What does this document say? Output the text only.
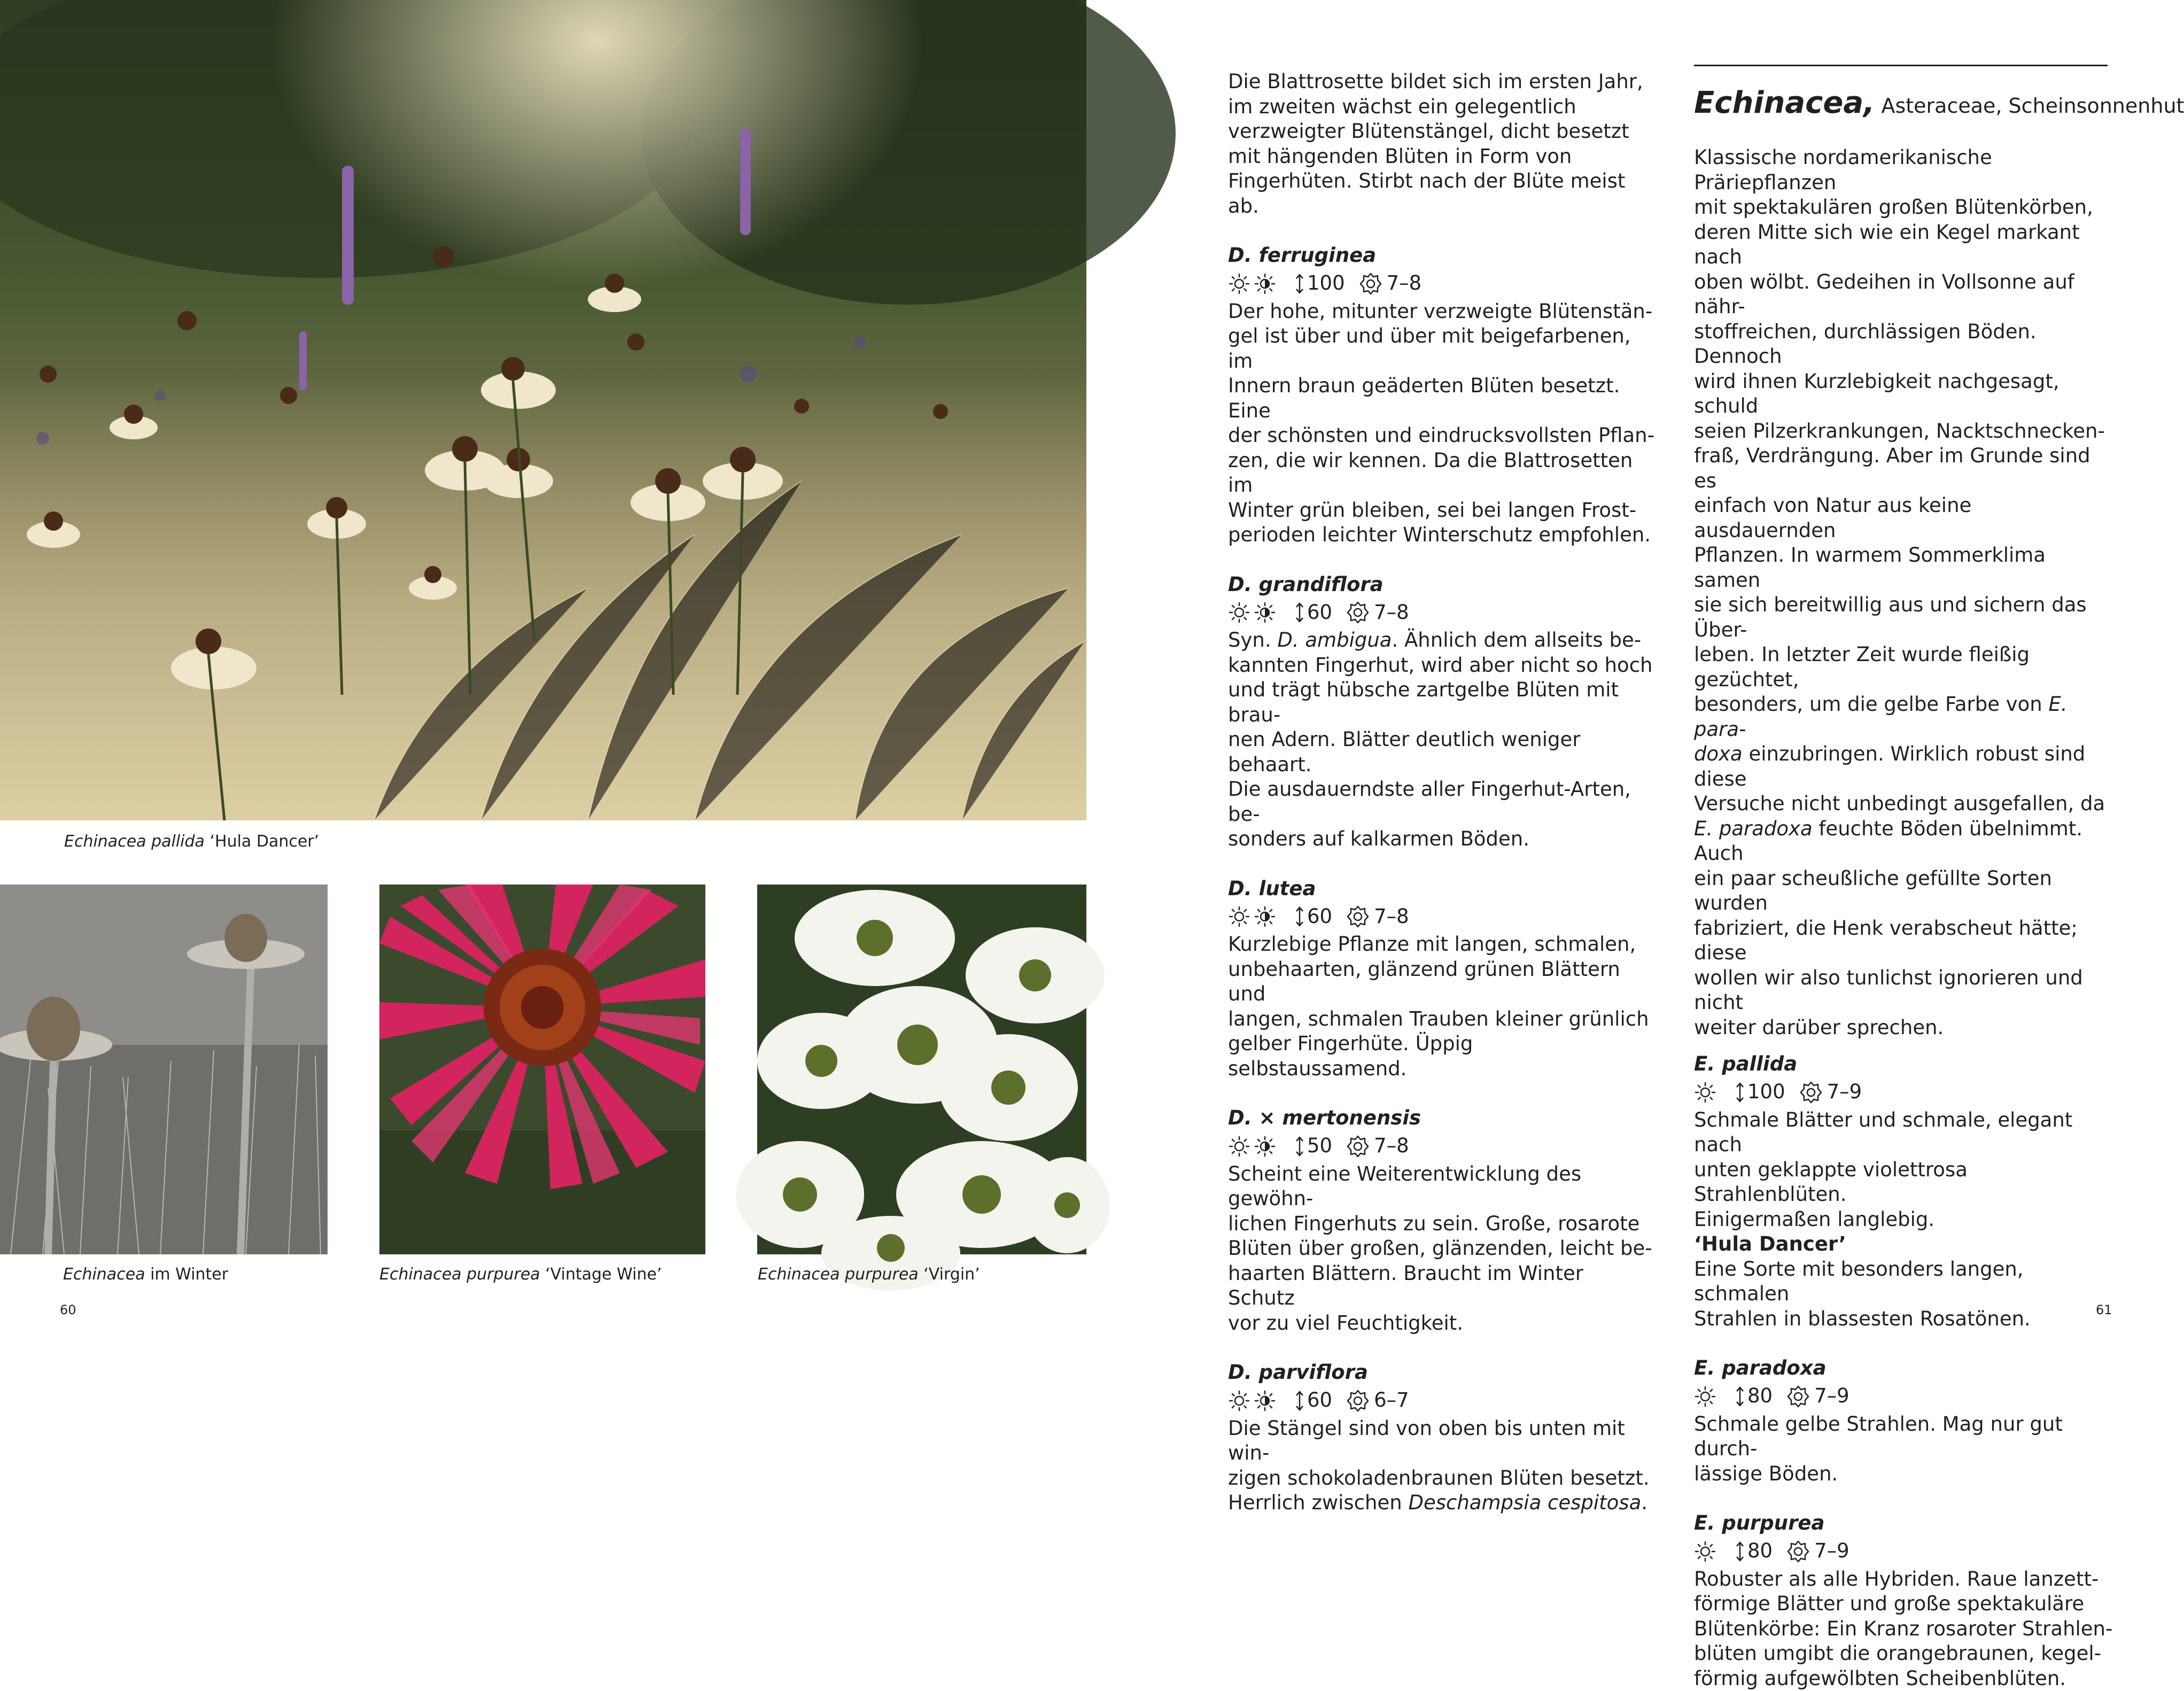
Echinacea pallida ‘Hula Dancer’
Echinacea im Winter	Echinacea purpurea ‘Vintage Wine’	Echinacea purpurea ‘Virgin’
60	61

Die Blattrosette bildet sich im ersten Jahr, im zweiten wächst ein gelegentlich verzweigter Blütenstängel, dicht besetzt mit hängenden Blüten in Form von Fingerhüten. Stirbt nach der Blüte meist ab.

D. ferruginea

100 7–8

Der hohe, mitunter verzweigte Blütenstän-

gel ist über und über mit beigefarbenen, im

Innern braun geäderten Blüten besetzt. Eine

der schönsten und eindrucksvollsten Pflan-

zen, die wir kennen. Da die Blattrosetten im

Winter grün bleiben, sei bei langen Frost-

perioden leichter Winterschutz empfohlen.

D. grandiflora

60 7–8

Syn. D. ambigua. Ähnlich dem allseits be-

kannten Fingerhut, wird aber nicht so hoch

und trägt hübsche zartgelbe Blüten mit brau-

nen Adern. Blätter deutlich weniger behaart.

Die ausdauerndste aller Fingerhut-Arten, be-

sonders auf kalkarmen Böden.

D. lutea

60 7–8

Kurzlebige Pflanze mit langen, schmalen,

unbehaarten, glänzend grünen Blättern und

langen, schmalen Trauben kleiner grünlich

gelber Fingerhüte. Üppig selbstaussamend.

D. × mertonensis

50 7–8

Scheint eine Weiterentwicklung des gewöhn-

lichen Fingerhuts zu sein. Große, rosarote

Blüten über großen, glänzenden, leicht be-

haarten Blättern. Braucht im Winter Schutz

vor zu viel Feuchtigkeit.

D. parviflora

60 6–7

Die Stängel sind von oben bis unten mit win-

zigen schokoladenbraunen Blüten besetzt.

Herrlich zwischen Deschampsia cespitosa.

Echinacea, Asteraceae, Scheinsonnenhut

Klassische nordamerikanische Präriepflanzen

mit spektakulären großen Blütenkörben,

deren Mitte sich wie ein Kegel markant nach

oben wölbt. Gedeihen in Vollsonne auf nähr-

stoffreichen, durchlässigen Böden. Dennoch

wird ihnen Kurzlebigkeit nachgesagt, schuld

seien Pilzerkrankungen, Nacktschnecken-

fraß, Verdrängung. Aber im Grunde sind es

einfach von Natur aus keine ausdauernden

Pflanzen. In warmem Sommerklima samen

sie sich bereitwillig aus und sichern das Über-

leben. In letzter Zeit wurde fleißig gezüchtet,

besonders, um die gelbe Farbe von E. para-

doxa einzubringen. Wirklich robust sind diese

Versuche nicht unbedingt ausgefallen, da

E. paradoxa feuchte Böden übelnimmt. Auch

ein paar scheußliche gefüllte Sorten wurden

fabriziert, die Henk verabscheut hätte; diese

wollen wir also tunlichst ignorieren und nicht

weiter darüber sprechen.

E. pallida

100 7–9

Schmale Blätter und schmale, elegant nach

unten geklappte violettrosa Strahlenblüten.

Einigermaßen langlebig.

‘Hula Dancer’

Eine Sorte mit besonders langen, schmalen

Strahlen in blassesten Rosatönen.

E. paradoxa

80 7–9

Schmale gelbe Strahlen. Mag nur gut durch-

lässige Böden.

E. purpurea

80 7–9

Robuster als alle Hybriden. Raue lanzett-

förmige Blätter und große spektakuläre

Blütenkörbe: Ein Kranz rosaroter Strahlen-

blüten umgibt die orangebraunen, kegel-

förmig aufgewölbten Scheibenblüten.
